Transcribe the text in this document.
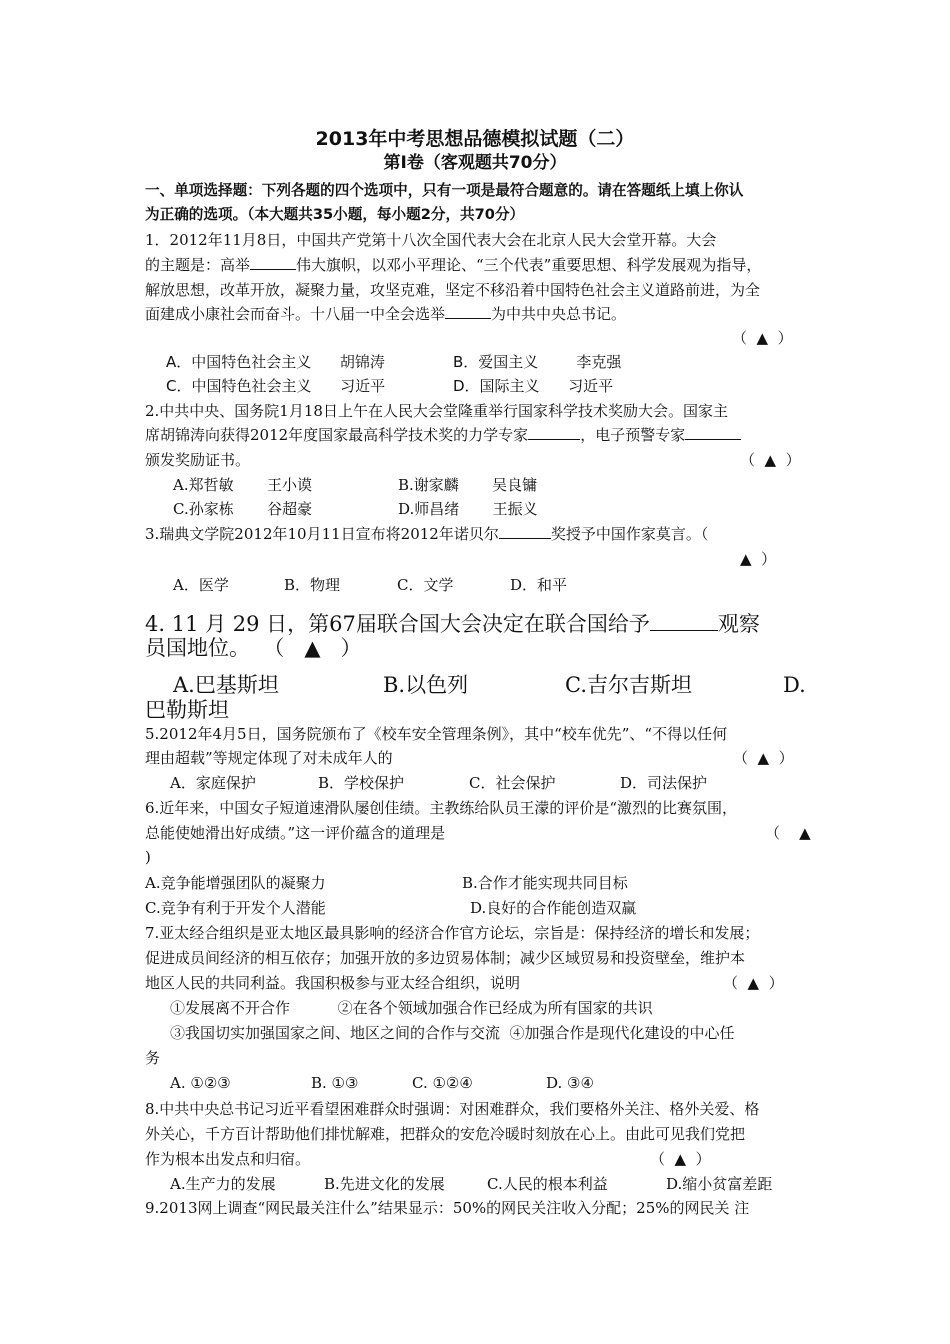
2013年中考思想品德模拟试题（二）
第Ⅰ卷（客观题共70分）
一、单项选择题：下列各题的四个选项中，只有一项是最符合题意的。请在答题纸上填上你认
为正确的选项。（本大题共35小题，每小题2分，共70分）
1．2012年11月8日，中国共产党第十八次全国代表大会在北京人民大会堂开幕。大会
的主题是：高举	伟大旗帜，以邓小平理论、“三个代表”重要思想、科学发展观为指导，
解放思想，改革开放，凝聚力量，攻坚克难，坚定不移沿着中国特色社会主义道路前进，为全
面建成小康社会而奋斗。十八届一中全会选举	为中共中央总书记。
（  ▲  ）
A．中国特色社会主义      胡锦涛	B．爱国主义        李克强
C．中国特色社会主义      习近平	D．国际主义      习近平
2.中共中央、国务院1月18日上午在人民大会堂隆重举行国家科学技术奖励大会。国家主
席胡锦涛向获得2012年度国家最高科学技术奖的力学专家	，电子预警专家
颁发奖励证书。	（  ▲  ）
A.郑哲敏       王小谟	B.谢家麟       吴良镛
C.孙家栋       谷超豪	D.师昌绪       王振义
3.瑞典文学院2012年10月11日宣布将2012年诺贝尔	奖授予中国作家莫言。（
▲  ）
A．医学	B．物理	C．文学	D．和平
4. 11 月 29 日，第67届联合国大会决定在联合国给予	观察
员国地位。  （   ▲   ）
A.巴基斯坦	B.以色列	C.吉尔吉斯坦	D.
巴勒斯坦
5.2012年4月5日，国务院颁布了《校车安全管理条例》，其中“校车优先”、“不得以任何
理由超载”等规定体现了对未成年人的	（  ▲  ）
A．家庭保护	B．学校保护	C．社会保护	D．司法保护
6.近年来，中国女子短道速滑队屡创佳绩。主教练给队员王濛的评价是“激烈的比赛氛围，
总能使她滑出好成绩。”这一评价蕴含的道理是	（    ▲
)
A.竞争能增强团队的凝聚力	B.合作才能实现共同目标
C.竞争有利于开发个人潜能	D.良好的合作能创造双赢
7.亚太经合组织是亚太地区最具影响的经济合作官方论坛，宗旨是：保持经济的增长和发展；
促进成员间经济的相互依存；加强开放的多边贸易体制；减少区域贸易和投资壁垒，维护本
地区人民的共同利益。我国积极参与亚太经合组织，说明	（  ▲  ）
①发展离不开合作          ②在各个领域加强合作已经成为所有国家的共识
③我国切实加强国家之间、地区之间的合作与交流  ④加强合作是现代化建设的中心任
务
A. ①②③	B. ①③	C. ①②④	D. ③④
8.中共中央总书记习近平看望困难群众时强调：对困难群众，我们要格外关注、格外关爱、格
外关心，千方百计帮助他们排忧解难，把群众的安危冷暖时刻放在心上。由此可见我们党把
作为根本出发点和归宿。	（  ▲  ）
A.生产力的发展	B.先进文化的发展	C.人民的根本利益	D.缩小贫富差距
9.2013网上调查“网民最关注什么”结果显示：50%的网民关注收入分配；25%的网民关 注
